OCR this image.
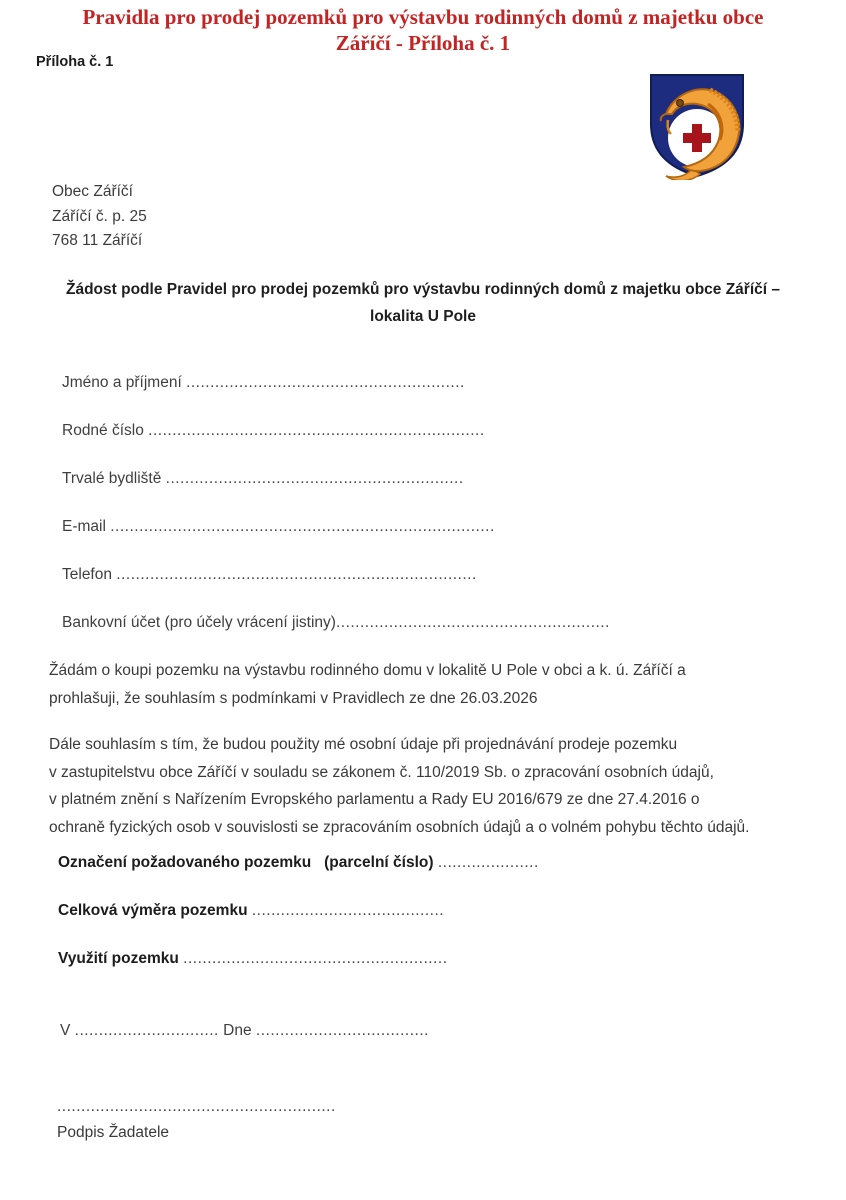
Pravidla pro prodej pozemků pro výstavbu rodinných domů z majetku obce
Záříčí - Příloha č. 1
Příloha č. 1
Obec Záříčí
Záříčí č. p. 25
768 11 Záříčí
Žádost podle Pravidel pro prodej pozemků pro výstavbu rodinných domů z majetku obce Záříčí –
lokalita U Pole
Jméno a příjmení ..........................................................
Rodné číslo ......................................................................
Trvalé bydliště ..............................................................
E-mail ................................................................................
Telefon ...........................................................................
Bankovní účet (pro účely vrácení jistiny).........................................................
Žádám o koupi pozemku na výstavbu rodinného domu v lokalitě U Pole v obci a k. ú. Záříčí a
prohlašuji, že souhlasím s podmínkami v Pravidlech ze dne 26.03.2026
Dále souhlasím s tím, že budou použity mé osobní údaje při projednávání prodeje pozemku
v zastupitelstvu obce Záříčí v souladu se zákonem č. 110/2019 Sb. o zpracování osobních údajů,
v platném znění s Nařízením Evropského parlamentu a Rady EU 2016/679 ze dne 27.4.2016 o
ochraně fyzických osob v souvislosti se zpracováním osobních údajů a o volném pohybu těchto údajů.
Označení požadovaného pozemku   (parcelní číslo) .....................
Celková výměra pozemku ........................................
Využití pozemku .......................................................
V .............................. Dne ....................................
..........................................................
Podpis Žadatele
